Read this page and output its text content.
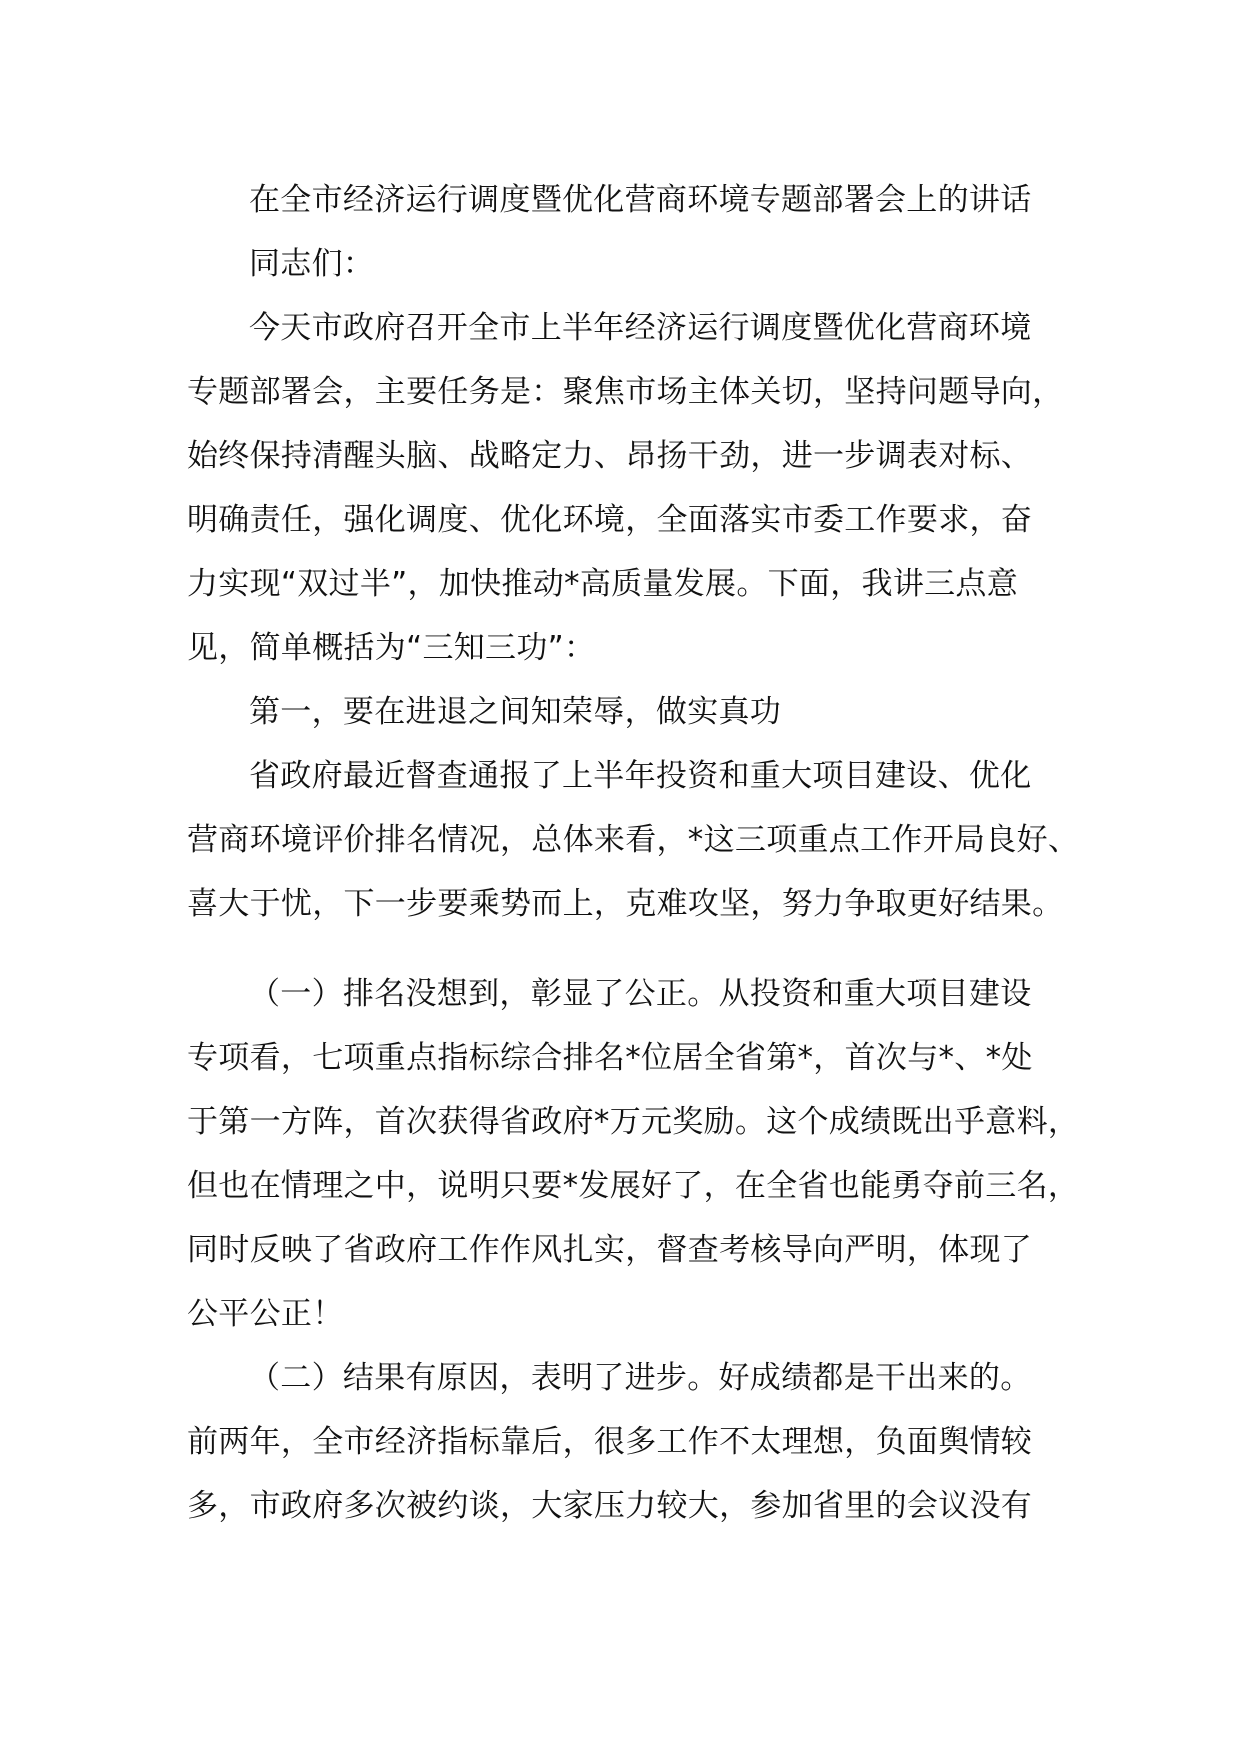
在全市经济运行调度暨优化营商环境专题部署会上的讲话
同志们：
今天市政府召开全市上半年经济运行调度暨优化营商环境
专题部署会，主要任务是：聚焦市场主体关切，坚持问题导向，
始终保持清醒头脑、战略定力、昂扬干劲，进一步调表对标、
明确责任，强化调度、优化环境，全面落实市委工作要求，奋
力实现“双过半”，加快推动*高质量发展。下面，我讲三点意
见，简单概括为“三知三功”：
第一，要在进退之间知荣辱，做实真功
省政府最近督查通报了上半年投资和重大项目建设、优化
营商环境评价排名情况，总体来看，*这三项重点工作开局良好、
喜大于忧，下一步要乘势而上，克难攻坚，努力争取更好结果。
（一）排名没想到，彰显了公正。从投资和重大项目建设
专项看，七项重点指标综合排名*位居全省第*，首次与*、*处
于第一方阵，首次获得省政府*万元奖励。这个成绩既出乎意料，
但也在情理之中，说明只要*发展好了，在全省也能勇夺前三名，
同时反映了省政府工作作风扎实，督查考核导向严明，体现了
公平公正！
（二）结果有原因，表明了进步。好成绩都是干出来的。
前两年，全市经济指标靠后，很多工作不太理想，负面舆情较
多，市政府多次被约谈，大家压力较大，参加省里的会议没有
